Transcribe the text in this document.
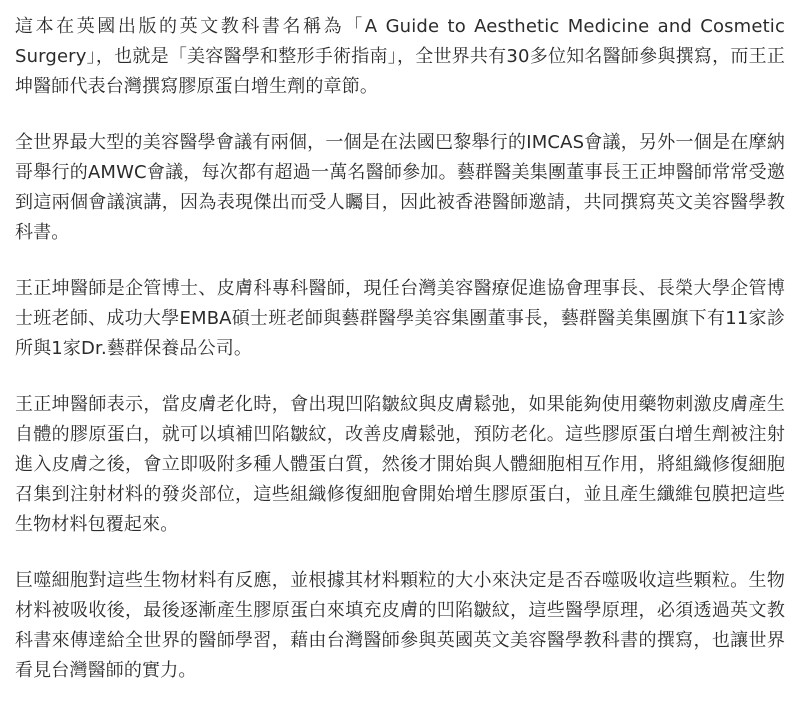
這本在英國出版的英文教科書名稱為「A Guide to Aesthetic Medicine and Cosmetic Surgery」，也就是「美容醫學和整形手術指南」，全世界共有30多位知名醫師參與撰寫，而王正坤醫師代表台灣撰寫膠原蛋白增生劑的章節。

全世界最大型的美容醫學會議有兩個，一個是在法國巴黎舉行的IMCAS會議，另外一個是在摩納哥舉行的AMWC會議，每次都有超過一萬名醫師參加。藝群醫美集團董事長王正坤醫師常常受邀到這兩個會議演講，因為表現傑出而受人矚目，因此被香港醫師邀請，共同撰寫英文美容醫學教科書。

王正坤醫師是企管博士、皮膚科專科醫師，現任台灣美容醫療促進協會理事長、長榮大學企管博士班老師、成功大學EMBA碩士班老師與藝群醫學美容集團董事長，藝群醫美集團旗下有11家診所與1家Dr.藝群保養品公司。

王正坤醫師表示，當皮膚老化時，會出現凹陷皺紋與皮膚鬆弛，如果能夠使用藥物刺激皮膚產生自體的膠原蛋白，就可以填補凹陷皺紋，改善皮膚鬆弛，預防老化。這些膠原蛋白增生劑被注射進入皮膚之後，會立即吸附多種人體蛋白質，然後才開始與人體細胞相互作用，將組織修復細胞召集到注射材料的發炎部位，這些組織修復細胞會開始增生膠原蛋白，並且產生纖維包膜把這些生物材料包覆起來。

巨噬細胞對這些生物材料有反應，並根據其材料顆粒的大小來決定是否吞噬吸收這些顆粒。生物材料被吸收後，最後逐漸產生膠原蛋白來填充皮膚的凹陷皺紋，這些醫學原理，必須透過英文教科書來傳達給全世界的醫師學習，藉由台灣醫師參與英國英文美容醫學教科書的撰寫，也讓世界看見台灣醫師的實力。
